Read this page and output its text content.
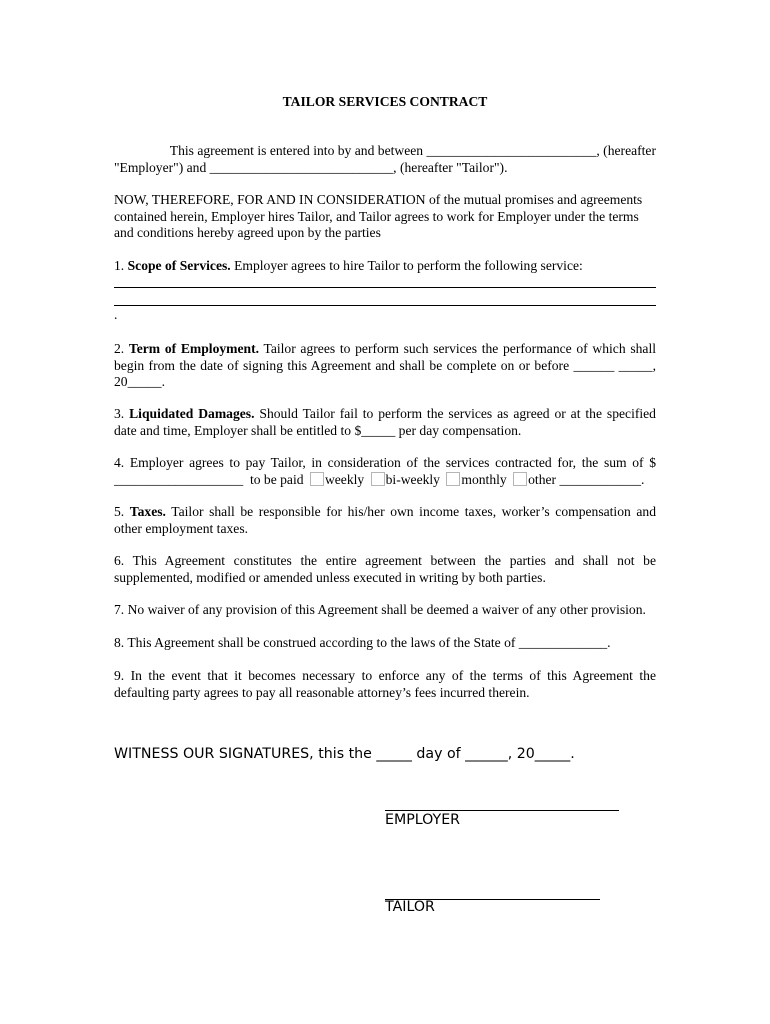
TAILOR SERVICES CONTRACT
This agreement is entered into by and between _________________________, (hereafter
"Employer") and ___________________________, (hereafter "Tailor").
NOW, THEREFORE, FOR AND IN CONSIDERATION of the mutual promises and agreements contained herein, Employer hires Tailor, and Tailor agrees to work for Employer under the terms and conditions hereby agreed upon by the parties
1. Scope of Services. Employer agrees to hire Tailor to perform the following service:
.
2. Term of Employment. Tailor agrees to perform such services the performance of which shall begin from the date of signing this Agreement and shall be complete on or before ______ _____, 20_____.
3. Liquidated Damages. Should Tailor fail to perform the services as agreed or at the specified date and time, Employer shall be entitled to $_____ per day compensation.
4. Employer agrees to pay Tailor, in consideration of the services contracted for, the sum of $
___________________ to be paid weekly bi-weekly monthly other ____________.
5. Taxes. Tailor shall be responsible for his/her own income taxes, worker’s compensation and other employment taxes.
6. This Agreement constitutes the entire agreement between the parties and shall not be supplemented, modified or amended unless executed in writing by both parties.
7. No waiver of any provision of this Agreement shall be deemed a waiver of any other provision.
8. This Agreement shall be construed according to the laws of the State of _____________.
9. In the event that it becomes necessary to enforce any of the terms of this Agreement the defaulting party agrees to pay all reasonable attorney’s fees incurred therein.
WITNESS OUR SIGNATURES, this the _____ day of ______, 20_____.
EMPLOYER
TAILOR
